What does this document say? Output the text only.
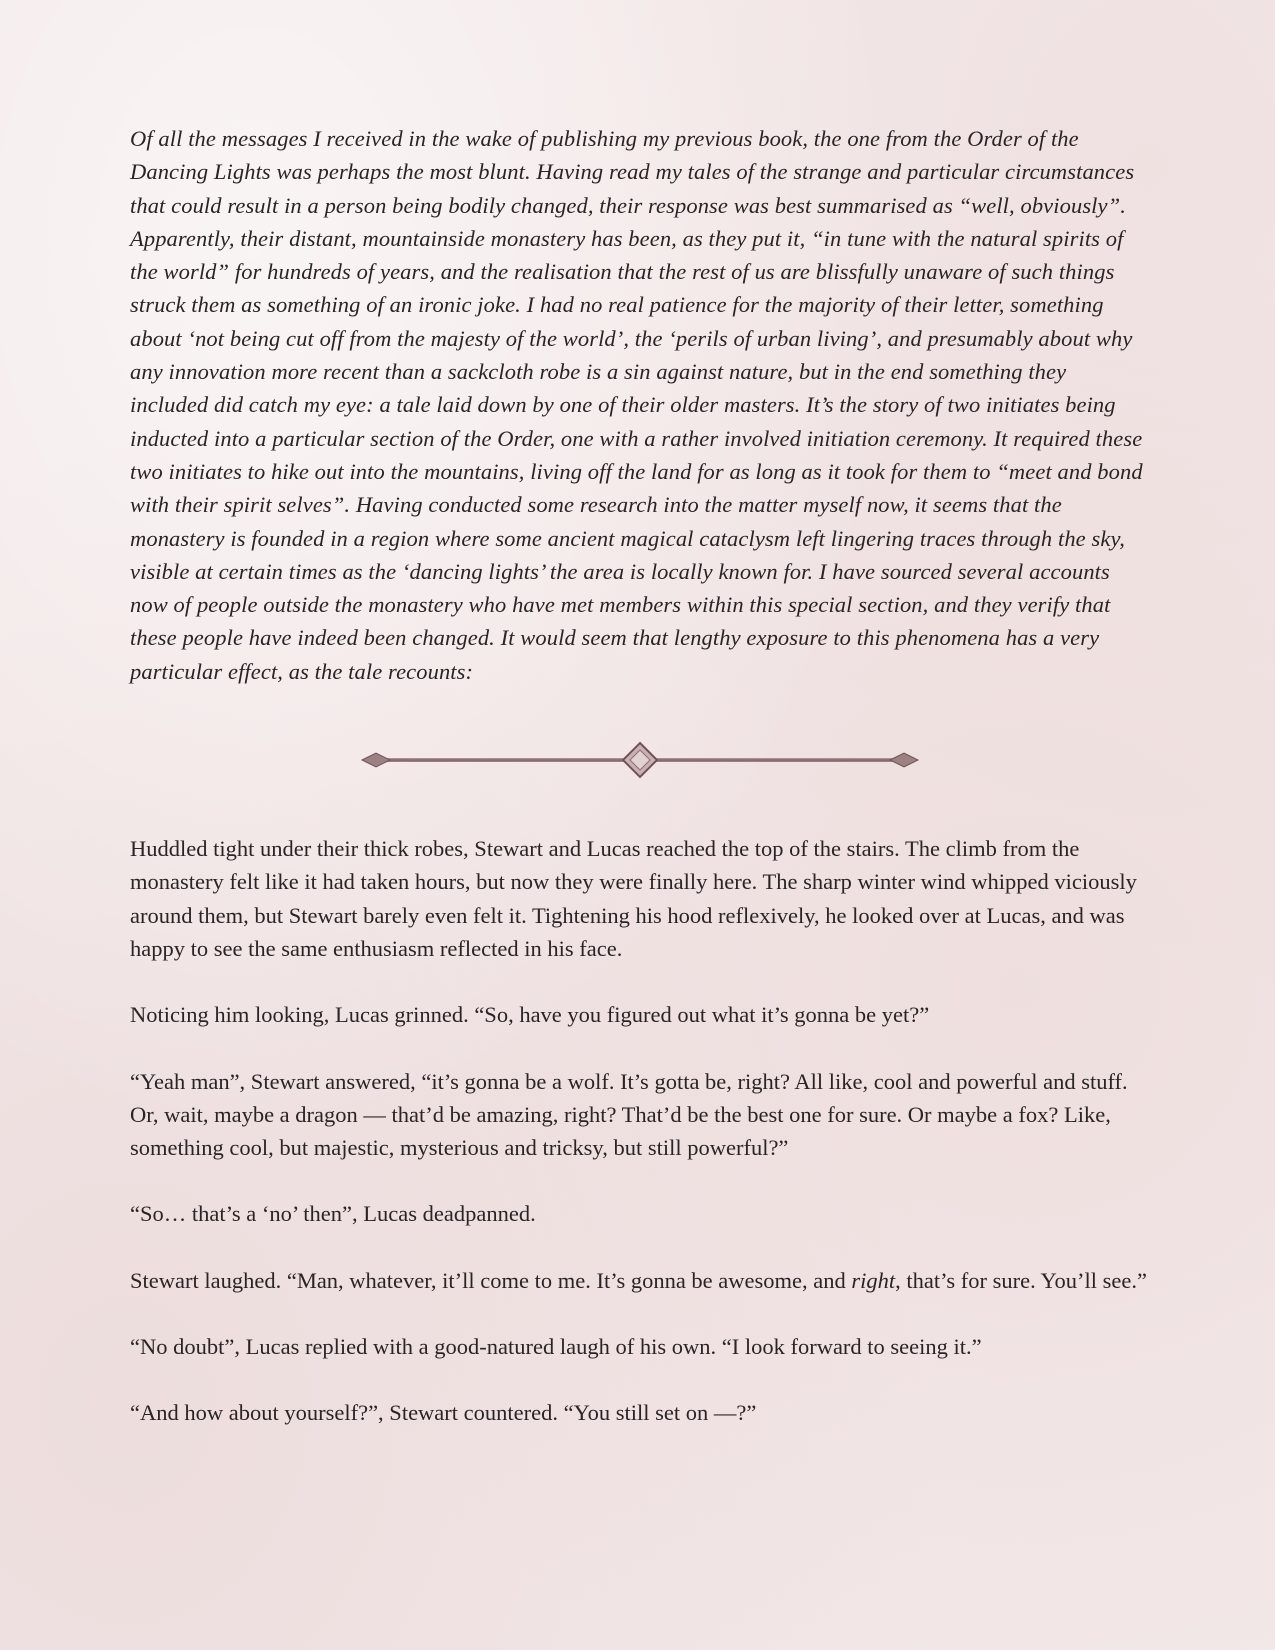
Of all the messages I received in the wake of publishing my previous book, the one from the Order of the Dancing Lights was perhaps the most blunt. Having read my tales of the strange and particular circumstances that could result in a person being bodily changed, their response was best summarised as “well, obviously”. Apparently, their distant, mountainside monastery has been, as they put it, “in tune with the natural spirits of the world” for hundreds of years, and the realisation that the rest of us are blissfully unaware of such things struck them as something of an ironic joke. I had no real patience for the majority of their letter, something about ‘not being cut off from the majesty of the world’, the ‘perils of urban living’, and presumably about why any innovation more recent than a sackcloth robe is a sin against nature, but in the end something they included did catch my eye: a tale laid down by one of their older masters. It’s the story of two initiates being inducted into a particular section of the Order, one with a rather involved initiation ceremony. It required these two initiates to hike out into the mountains, living off the land for as long as it took for them to “meet and bond with their spirit selves”. Having conducted some research into the matter myself now, it seems that the monastery is founded in a region where some ancient magical cataclysm left lingering traces through the sky, visible at certain times as the ‘dancing lights’ the area is locally known for. I have sourced several accounts now of people outside the monastery who have met members within this special section, and they verify that these people have indeed been changed. It would seem that lengthy exposure to this phenomena has a very particular effect, as the tale recounts:

Huddled tight under their thick robes, Stewart and Lucas reached the top of the stairs. The climb from the monastery felt like it had taken hours, but now they were finally here. The sharp winter wind whipped viciously around them, but Stewart barely even felt it. Tightening his hood reflexively, he looked over at Lucas, and was happy to see the same enthusiasm reflected in his face.

Noticing him looking, Lucas grinned. “So, have you figured out what it’s gonna be yet?”

“Yeah man”, Stewart answered, “it’s gonna be a wolf. It’s gotta be, right? All like, cool and powerful and stuff. Or, wait, maybe a dragon — that’d be amazing, right? That’d be the best one for sure. Or maybe a fox? Like, something cool, but majestic, mysterious and tricksy, but still powerful?”

“So… that’s a ‘no’ then”, Lucas deadpanned.

Stewart laughed. “Man, whatever, it’ll come to me. It’s gonna be awesome, and right, that’s for sure. You’ll see.”

“No doubt”, Lucas replied with a good-natured laugh of his own. “I look forward to seeing it.”

“And how about yourself?”, Stewart countered. “You still set on —?”
